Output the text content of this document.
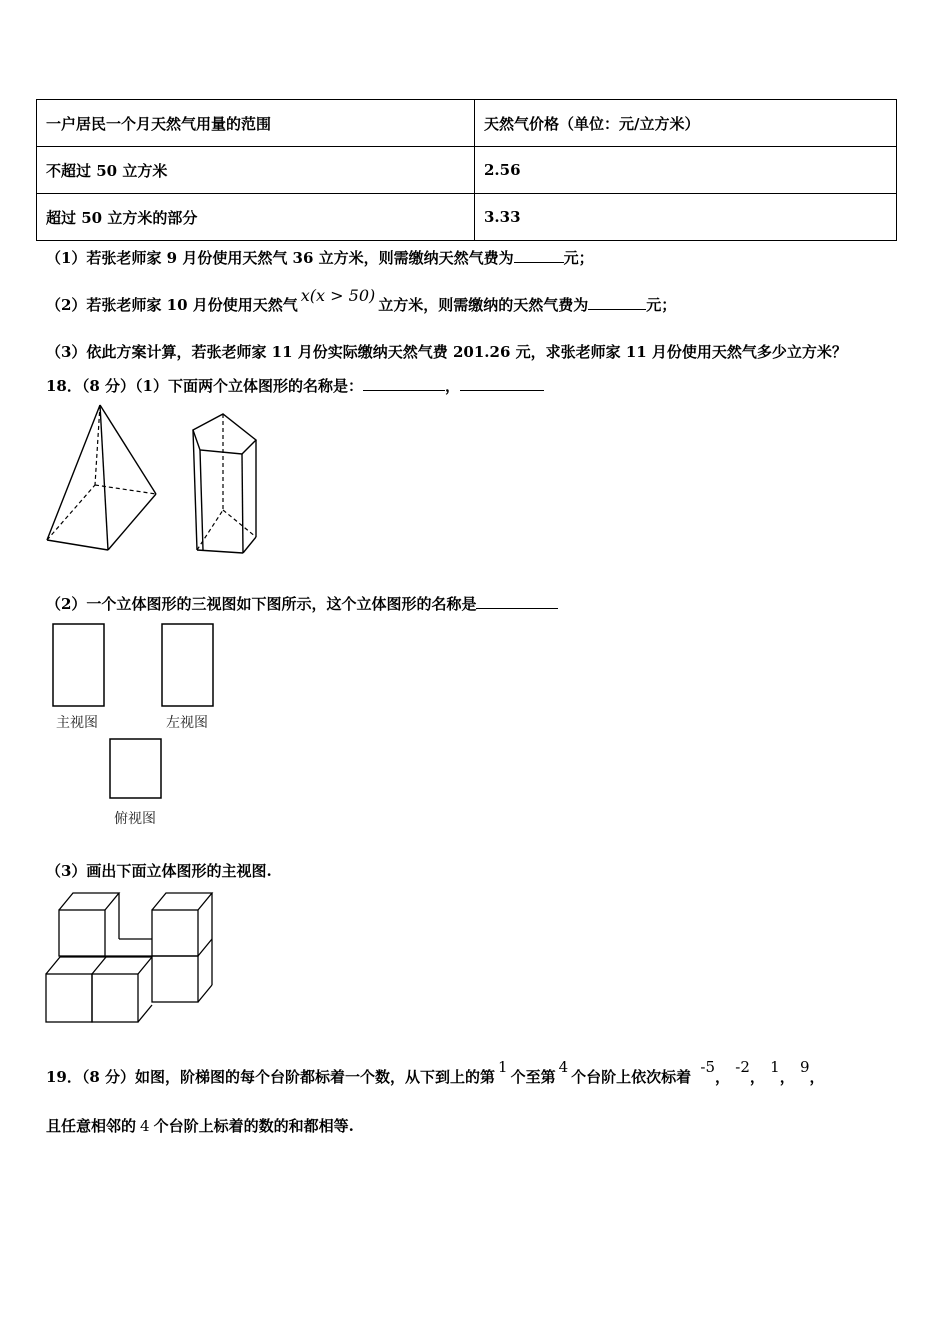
一户居民一个月天然气用量的范围	天然气价格（单位：元/立方米）
不超过 50 立方米	2.56
超过 50 立方米的部分	3.33
（1）若张老师家 9 月份使用天然气 36 立方米，则需缴纳天然气费为	元；
（2）若张老师家 10 月份使用天然气 x(x > 50) 立方米，则需缴纳的天然气费为	元；
（3）依此方案计算，若张老师家 11 月份实际缴纳天然气费 201.26 元，求张老师家 11 月份使用天然气多少立方米？
18．（8 分）（1）下面两个立体图形的名称是：	，
（2）一个立体图形的三视图如下图所示，这个立体图形的名称是
主视图	左视图
俯视图
（3）画出下面立体图形的主视图.
19．（8 分）如图，阶梯图的每个台阶都标着一个数，从下到上的第1个至第4个台阶上依次标着 -5， -2， 1， 9，
且任意相邻的 4 个台阶上标着的数的和都相等.
